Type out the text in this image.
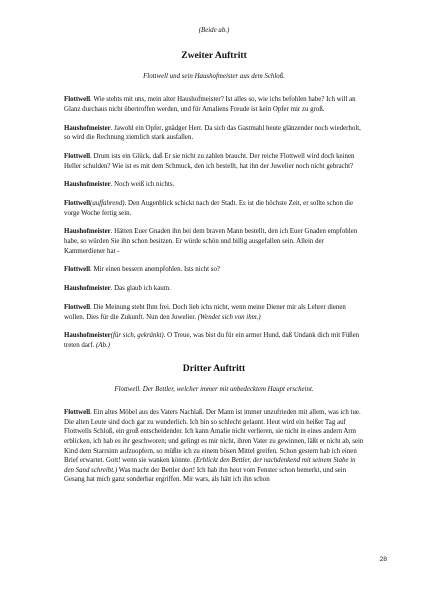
(Beide ab.)
Zweiter Auftritt
Flottwell und sein Haushofmeister aus dem Schloß.

Flottwell. Wie stehts mit uns, mein alter Haushofmeister? Ist alles so, wie ichs befohlen habe? Ich will an Glanz durchaus nicht übertroffen werden, und für Amaliens Freude ist kein Opfer mir zu groß.

Haushofmeister. Jawohl ein Opfer, gnädger Herr. Da sich das Gastmahl heute glänzender noch wiederholt, so wird die Rechnung ziemlich stark ausfallen.

Flottwell. Drum ists ein Glück, daß Er sie nicht zu zahlen braucht. Der reiche Flottwell wird doch keinen Heller schulden? Wie ist es mit dem Schmuck, den ich bestellt, hat ihn der Juwelier noch nicht gebracht?

Haushofmeister. Noch weiß ich nichts.

Flottwell(auffahrend). Den Augenblick schickt nach der Stadt. Es ist die höchste Zeit, er sollte schon die vorge Woche fertig sein.

Haushofmeister. Hätten Euer Gnaden ihn bei dem braven Mann bestellt, den ich Euer Gnaden empfohlen habe, so würden Sie ihn schon besitzen. Er würde schön und billig ausgefallen sein. Allein der Kammerdiener hat -

Flottwell. Mir einen bessern anempfohlen. Ists nicht so?

Haushofmeister. Das glaub ich kaum.

Flottwell. Die Meinung steht Ihm frei. Doch lieb ichs nicht, wenn meine Diener mir als Lehrer dienen wollen. Dies für die Zukunft. Nun den Juwelier. (Wendet sich von ihm.)

Haushofmeister(für sich, gekränkt). O Treue, was bist du für ein armer Hund, daß Undank dich mit Füßen treten darf. (Ab.)

Dritter Auftritt
Flottwell. Der Bettler, welcher immer mit unbedecktem Haupt erscheint.

Flottwell. Ein altes Möbel aus des Vaters Nachlaß. Der Mann ist immer unzufrieden mit allem, was ich tue. Die alten Leute sind doch gar zu wunderlich. Ich bin so schlecht gelaunt. Heut wird ein heißer Tag auf Flottwells Schloß, ein groß entscheidender. Ich kann Amalie nicht verlieren, sie nicht in eines andern Arm erblicken, ich hab es ihr geschworen; und gelingt es mir nicht, ihren Vater zu gewinnen, läßt er nicht ab, sein Kind dem Starrsinn aufzuopfern, so müßte ich zu einem bösen Mittel greifen. Schon gestern hab ich einen Brief erwartet. Gott! wenn sie wanken könnte. (Erblickt den Bettler, der nachdenkend mit seinem Stabe in den Sand schreibt.) Was macht der Bettler dort! Ich hab ihn heut vom Fenster schon bemerkt, und sein Gesang hat mich ganz sonderbar ergriffen. Mir wars, als hätt ich ihn schon

28
